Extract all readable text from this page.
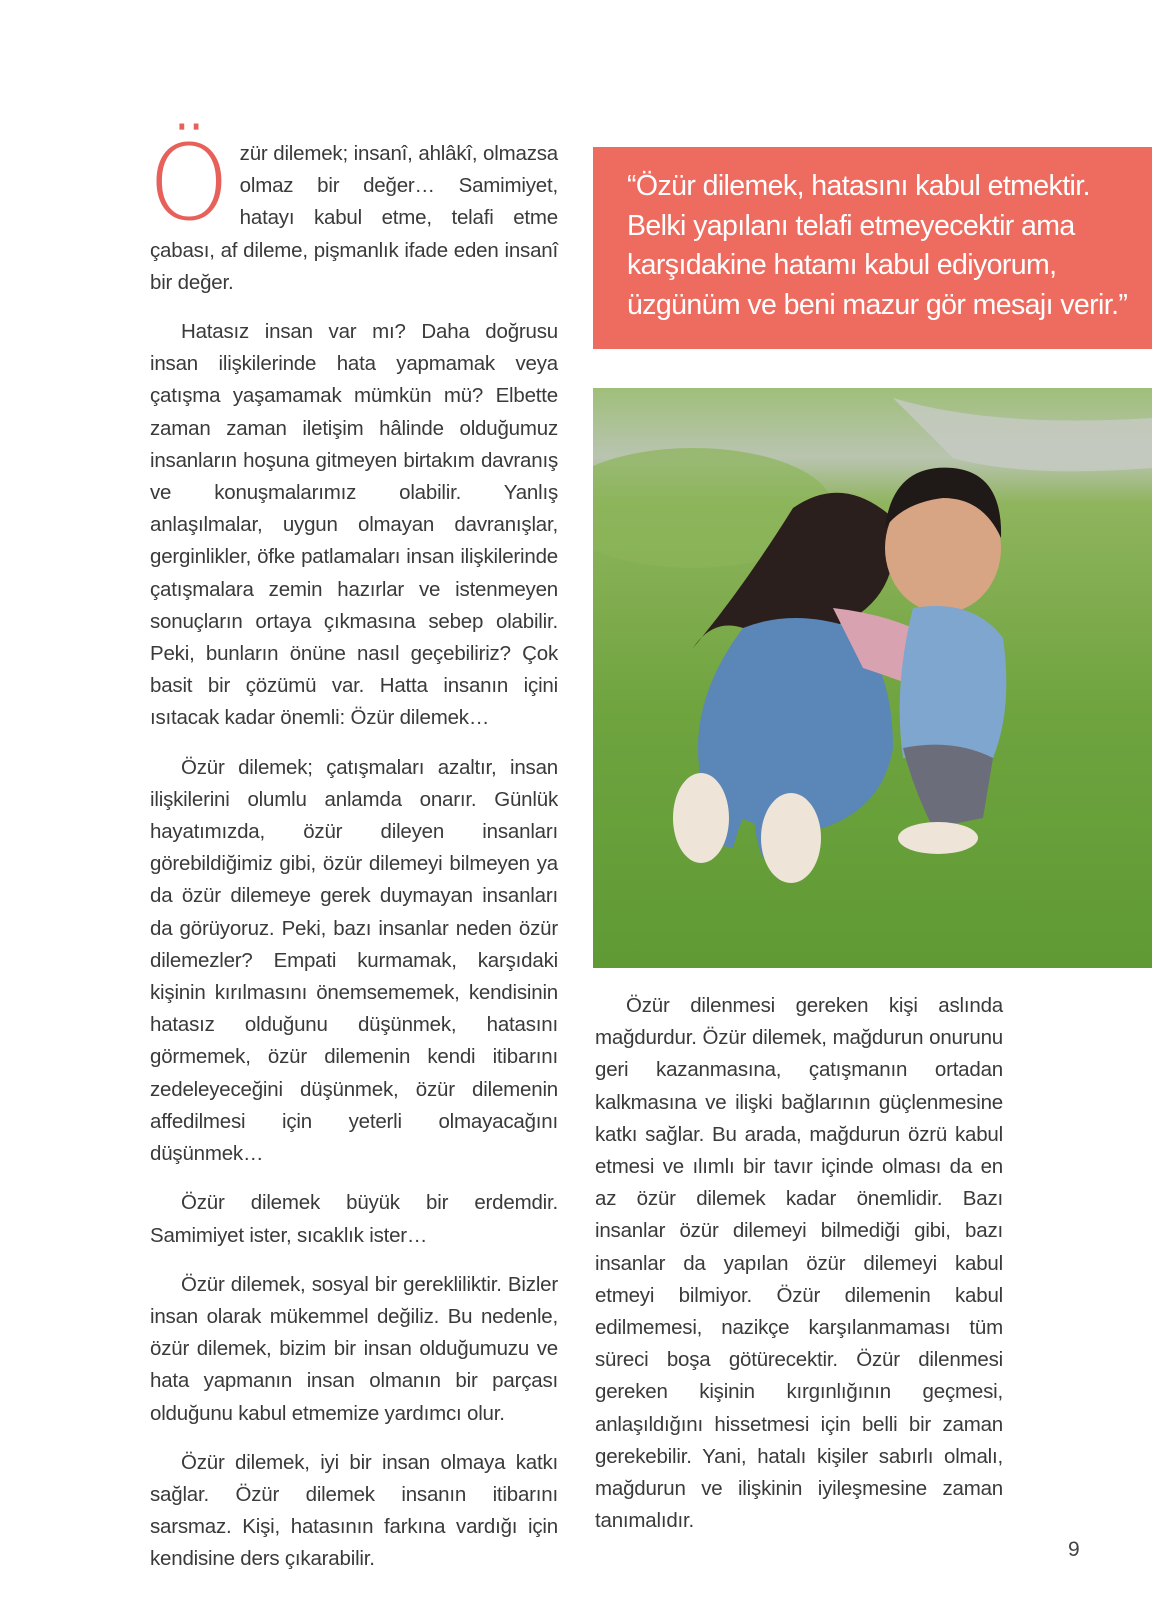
Özür dilemek; insanî, ahlâkî, olmazsa olmaz bir değer… Samimiyet, hatayı kabul etme, telafi etme çabası, af dileme, pişmanlık ifade eden insanî bir değer.

Hatasız insan var mı? Daha doğrusu insan ilişkilerinde hata yapmamak veya çatışma yaşamamak mümkün mü? Elbette zaman zaman iletişim hâlinde olduğumuz insanların hoşuna gitmeyen birtakım davranış ve konuşmalarımız olabilir. Yanlış anlaşılmalar, uygun olmayan davranışlar, gerginlikler, öfke patlamaları insan ilişkilerinde çatışmalara zemin hazırlar ve istenmeyen sonuçların ortaya çıkmasına sebep olabilir. Peki, bunların önüne nasıl geçebiliriz? Çok basit bir çözümü var. Hatta insanın içini ısıtacak kadar önemli: Özür dilemek…

Özür dilemek; çatışmaları azaltır, insan ilişkilerini olumlu anlamda onarır. Günlük hayatımızda, özür dileyen insanları görebildiğimiz gibi, özür dilemeyi bilmeyen ya da özür dilemeye gerek duymayan insanları da görüyoruz. Peki, bazı insanlar neden özür dilemezler? Empati kurmamak, karşıdaki kişinin kırılmasını önemsememek, kendisinin hatasız olduğunu düşünmek, hatasını görmemek, özür dilemenin kendi itibarını zedeleyeceğini düşünmek, özür dilemenin affedilmesi için yeterli olmayacağını düşünmek…

Özür dilemek büyük bir erdemdir. Samimiyet ister, sıcaklık ister…

Özür dilemek, sosyal bir gerekliliktir. Bizler insan olarak mükemmel değiliz. Bu nedenle, özür dilemek, bizim bir insan olduğumuzu ve hata yapmanın insan olmanın bir parçası olduğunu kabul etmemize yardımcı olur.

Özür dilemek, iyi bir insan olmaya katkı sağlar. Özür dilemek insanın itibarını sarsmaz. Kişi, hatasının farkına vardığı için kendisine ders çıkarabilir.

“Özür dilemek, hatasını kabul etmektir.

Belki yapılanı telafi etmeyecektir ama

karşıdakine hatamı kabul ediyorum,

üzgünüm ve beni mazur gör mesajı verir.”

Özür dilenmesi gereken kişi aslında mağdurdur. Özür dilemek, mağdurun onurunu geri kazanmasına, çatışmanın ortadan kalkmasına ve ilişki bağlarının güçlenmesine katkı sağlar. Bu arada, mağdurun özrü kabul etmesi ve ılımlı bir tavır içinde olması da en az özür dilemek kadar önemlidir. Bazı insanlar özür dilemeyi bilmediği gibi, bazı insanlar da yapılan özür dilemeyi kabul etmeyi bilmiyor. Özür dilemenin kabul edilmemesi, nazikçe karşılanmaması tüm süreci boşa götürecektir. Özür dilenmesi gereken kişinin kırgınlığının geçmesi, anlaşıldığını hissetmesi için belli bir zaman gerekebilir. Yani, hatalı kişiler sabırlı olmalı, mağdurun ve ilişkinin iyileşmesine zaman tanımalıdır.

9
